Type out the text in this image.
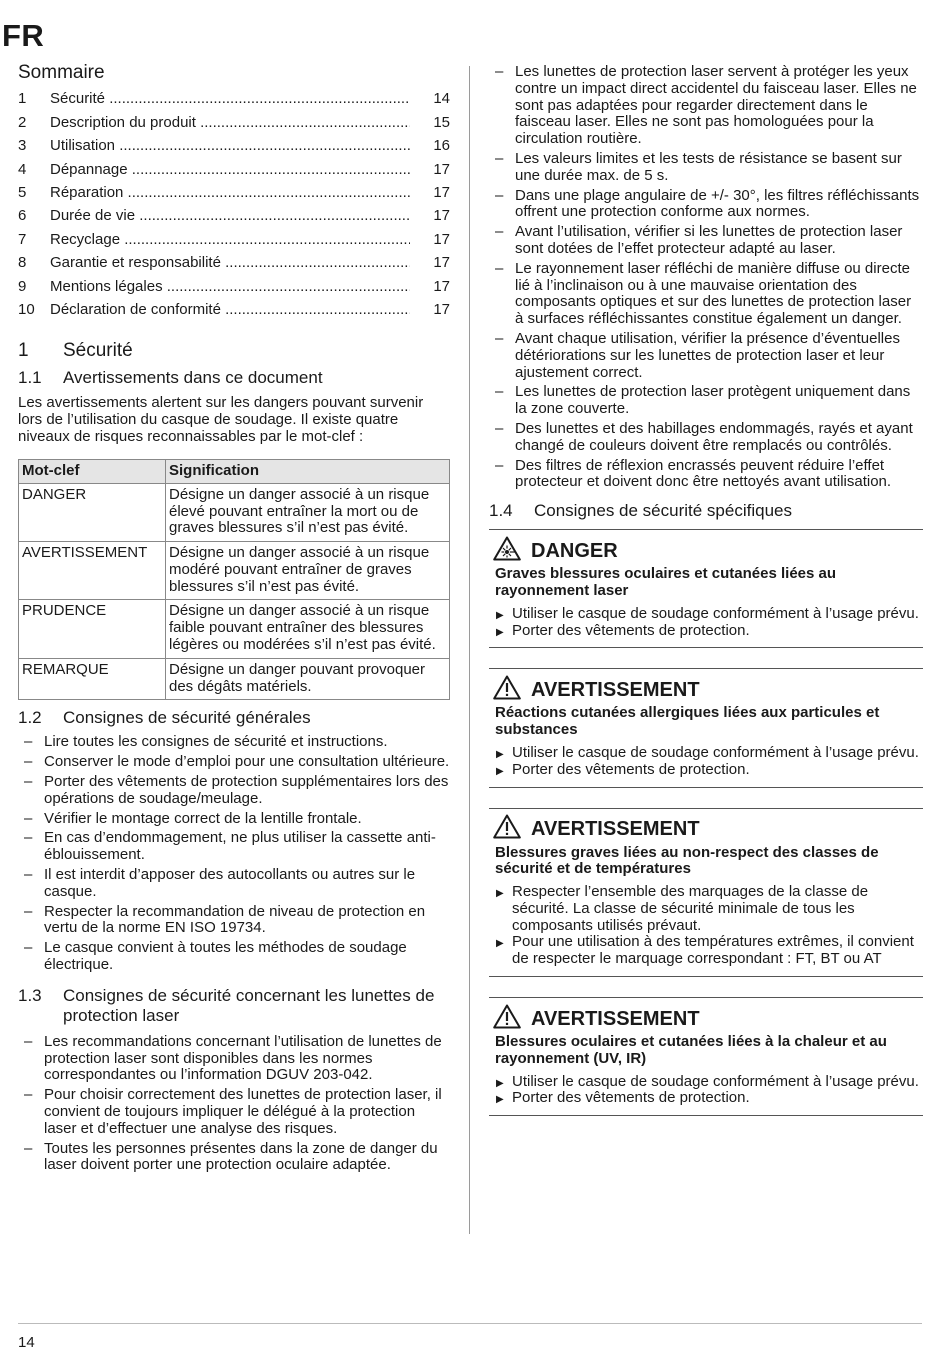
FR
Sommaire
1	Sécurité .....	14
2	Description du produit .....	15
3	Utilisation .....	16
4	Dépannage .....	17
5	Réparation .....	17
6	Durée de vie .....	17
7	Recyclage .....	17
8	Garantie et responsabilité .....	17
9	Mentions légales .....	17
10	Déclaration de conformité .....	17
1	Sécurité
1.1	Avertissements dans ce document

Les avertissements alertent sur les dangers pouvant survenir lors de l’utilisation du casque de soudage. Il existe quatre niveaux de risques reconnaissables par le mot-clef :

Mot-clef	Signification
DANGER	Désigne un danger associé à un risque élevé pouvant entraîner la mort ou de graves blessures s’il n’est pas évité.
AVERTISSEMENT	Désigne un danger associé à un risque modéré pouvant entraîner de graves blessures s’il n’est pas évité.
PRUDENCE	Désigne un danger associé à un risque faible pouvant entraîner des blessures légères ou modérées s’il n’est pas évité.
REMARQUE	Désigne un danger pouvant provoquer des dégâts matériels.
1.2	Consignes de sécurité générales
– Lire toutes les consignes de sécurité et instructions.
– Conserver le mode d’emploi pour une consultation ultérieure.
– Porter des vêtements de protection supplémentaires lors des opérations de soudage/meulage.
– Vérifier le montage correct de la lentille frontale.
– En cas d’endommagement, ne plus utiliser la cassette anti-éblouissement.
– Il est interdit d’apposer des autocollants ou autres sur le casque.
– Respecter la recommandation de niveau de protection en vertu de la norme EN ISO 19734.
– Le casque convient à toutes les méthodes de soudage électrique.
1.3	Consignes de sécurité concernant les lunettes de protection laser
– Les recommandations concernant l’utilisation de lunettes de protection laser sont disponibles dans les normes correspondantes ou l’information DGUV 203-042.
– Pour choisir correctement des lunettes de protection laser, il convient de toujours impliquer le délégué à la protection laser et d’effectuer une analyse des risques.
– Toutes les personnes présentes dans la zone de danger du laser doivent porter une protection oculaire adaptée.
– Les lunettes de protection laser servent à protéger les yeux contre un impact direct accidentel du faisceau laser. Elles ne sont pas adaptées pour regarder directement dans le faisceau laser. Elles ne sont pas homologuées pour la circulation routière.
– Les valeurs limites et les tests de résistance se basent sur une durée max. de 5 s.
– Dans une plage angulaire de +/- 30°, les filtres réfléchissants offrent une protection conforme aux normes.
– Avant l’utilisation, vérifier si les lunettes de protection laser sont dotées de l’effet protecteur adapté au laser.
– Le rayonnement laser réfléchi de manière diffuse ou directe lié à l’inclinaison ou à une mauvaise orientation des composants optiques et sur des lunettes de protection laser à surfaces réfléchissantes constitue également un danger.
– Avant chaque utilisation, vérifier la présence d’éventuelles détériorations sur les lunettes de protection laser et leur ajustement correct.
– Les lunettes de protection laser protègent uniquement dans la zone couverte.
– Des lunettes et des habillages endommagés, rayés et ayant changé de couleurs doivent être remplacés ou contrôlés.
– Des filtres de réflexion encrassés peuvent réduire l’effet protecteur et doivent donc être nettoyés avant utilisation.
1.4	Consignes de sécurité spécifiques
DANGER
Graves blessures oculaires et cutanées liées au rayonnement laser
▶ Utiliser le casque de soudage conformément à l’usage prévu.
▶ Porter des vêtements de protection.
AVERTISSEMENT
Réactions cutanées allergiques liées aux particules et substances
▶ Utiliser le casque de soudage conformément à l’usage prévu.
▶ Porter des vêtements de protection.
AVERTISSEMENT
Blessures graves liées au non-respect des classes de sécurité et de températures
▶ Respecter l’ensemble des marquages de la classe de sécurité. La classe de sécurité minimale de tous les composants utilisés prévaut.
▶ Pour une utilisation à des températures extrêmes, il convient de respecter le marquage correspondant : FT, BT ou AT
AVERTISSEMENT
Blessures oculaires et cutanées liées à la chaleur et au rayonnement (UV, IR)
▶ Utiliser le casque de soudage conformément à l’usage prévu.
▶ Porter des vêtements de protection.
14
